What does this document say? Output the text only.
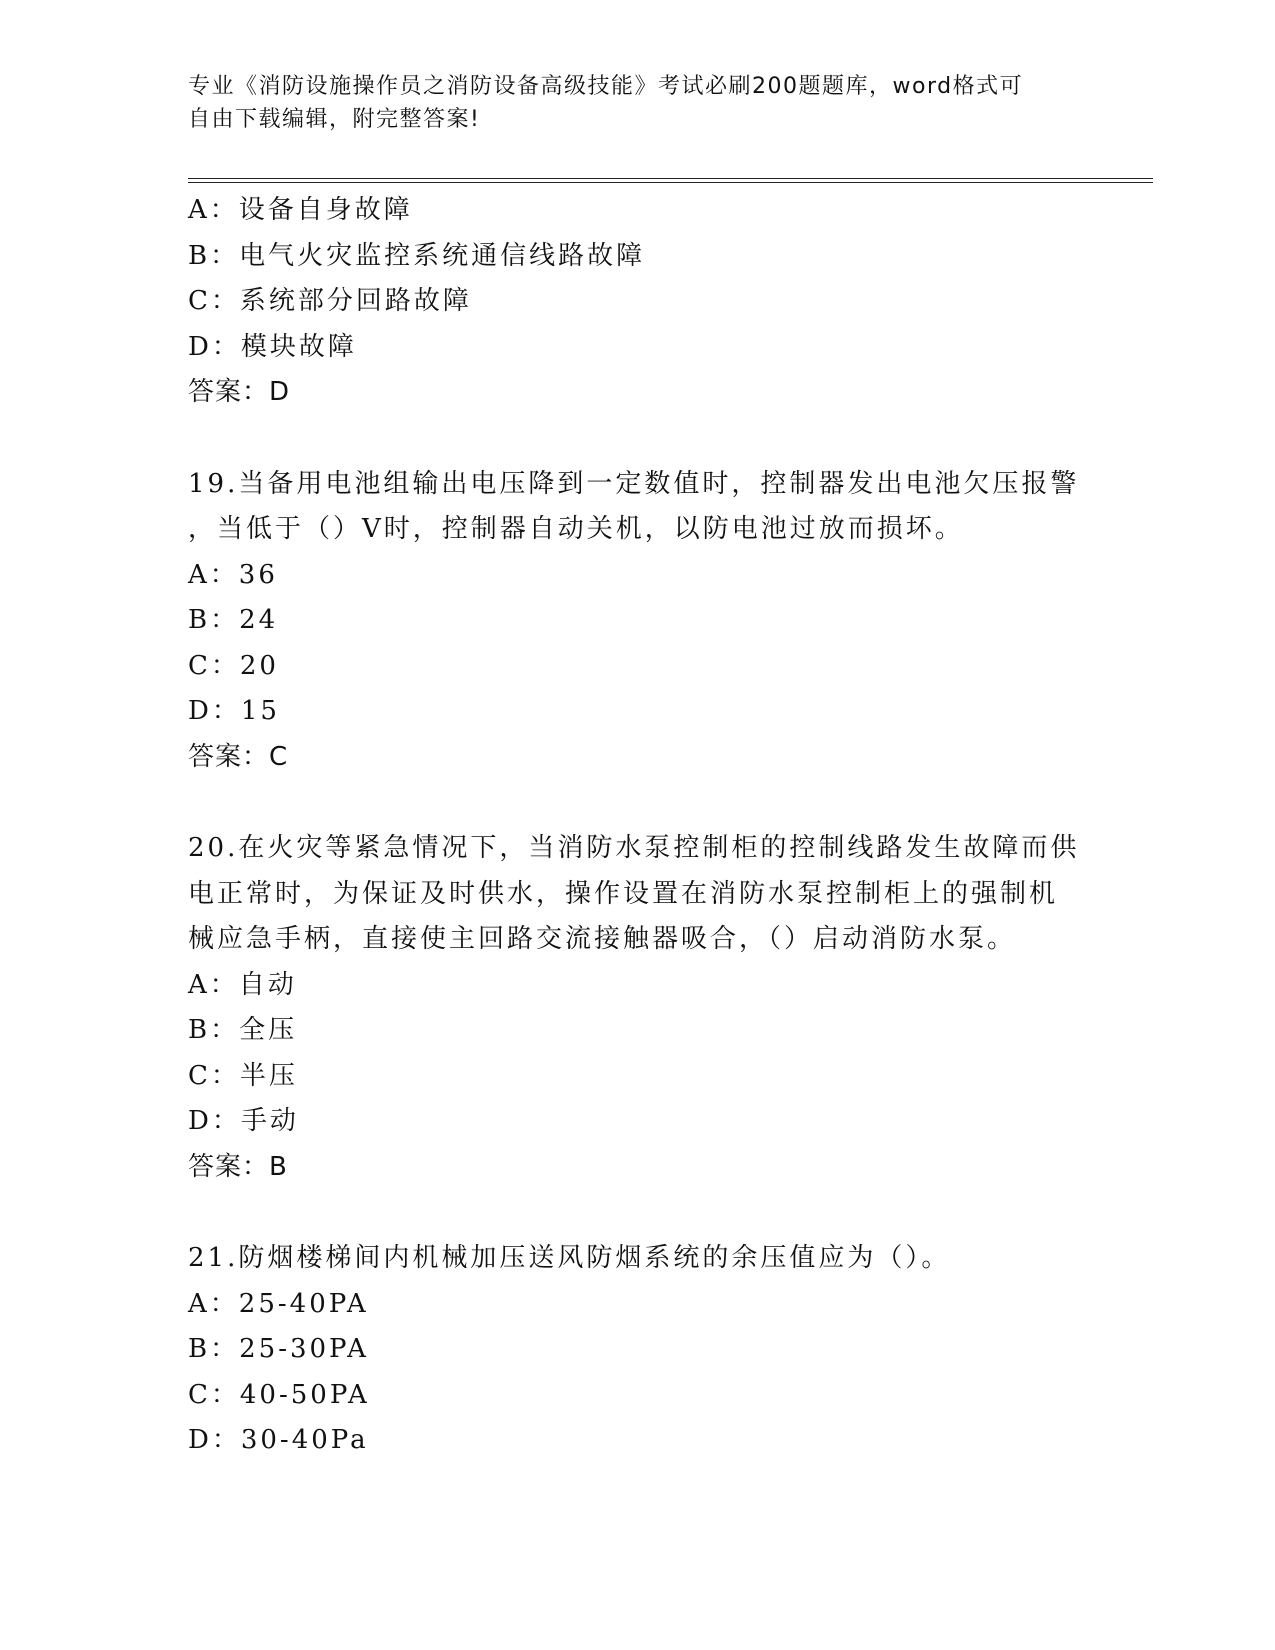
专业《消防设施操作员之消防设备高级技能》考试必刷200题题库，word格式可
自由下载编辑，附完整答案!
A：设备自身故障
B：电气火灾监控系统通信线路故障
C：系统部分回路故障
D：模块故障
答案：D
19.当备用电池组输出电压降到一定数值时，控制器发出电池欠压报警
，当低于（）V时，控制器自动关机，以防电池过放而损坏。
A：36
B：24
C：20
D：15
答案：C
20.在火灾等紧急情况下，当消防水泵控制柜的控制线路发生故障而供
电正常时，为保证及时供水，操作设置在消防水泵控制柜上的强制机
械应急手柄，直接使主回路交流接触器吸合，（）启动消防水泵。
A：自动
B：全压
C：半压
D：手动
答案：B
21.防烟楼梯间内机械加压送风防烟系统的余压值应为（）。
A：25-40PA
B：25-30PA
C：40-50PA
D：30-40Pa
